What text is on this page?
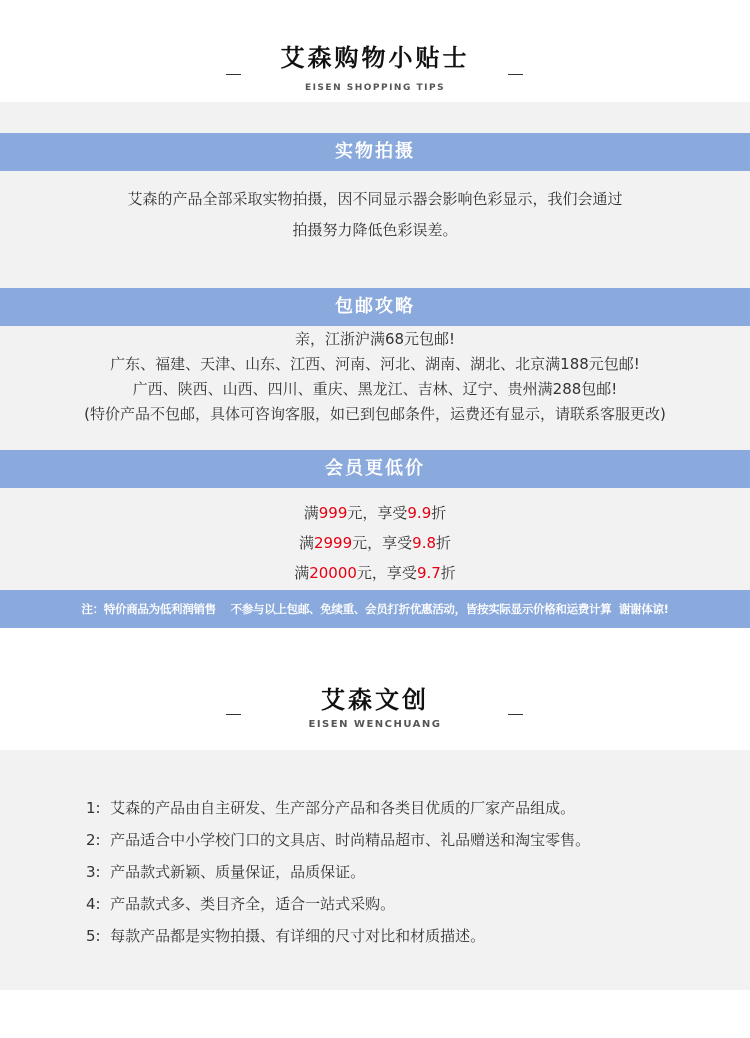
艾森购物小贴士
EISEN SHOPPING TIPS
实物拍摄
艾森的产品全部采取实物拍摄，因不同显示器会影响色彩显示，我们会通过
拍摄努力降低色彩误差。
包邮攻略
亲，江浙沪满68元包邮!
广东、福建、天津、山东、江西、河南、河北、湖南、湖北、北京满188元包邮!
广西、陕西、山西、四川、重庆、黑龙江、吉林、辽宁、贵州满288包邮!
(特价产品不包邮，具体可咨询客服，如已到包邮条件，运费还有显示，请联系客服更改)
会员更低价
满999元，享受9.9折
满2999元，享受9.8折
满20000元，享受9.7折
注：特价商品为低利润销售    不参与以上包邮、免续重、会员打折优惠活动，皆按实际显示价格和运费计算  谢谢体谅!
艾森文创
EISEN WENCHUANG
1:  艾森的产品由自主研发、生产部分产品和各类目优质的厂家产品组成。
2:  产品适合中小学校门口的文具店、时尚精品超市、礼品赠送和淘宝零售。
3:  产品款式新颖、质量保证，品质保证。
4:  产品款式多、类目齐全，适合一站式采购。
5:  每款产品都是实物拍摄、有详细的尺寸对比和材质描述。
